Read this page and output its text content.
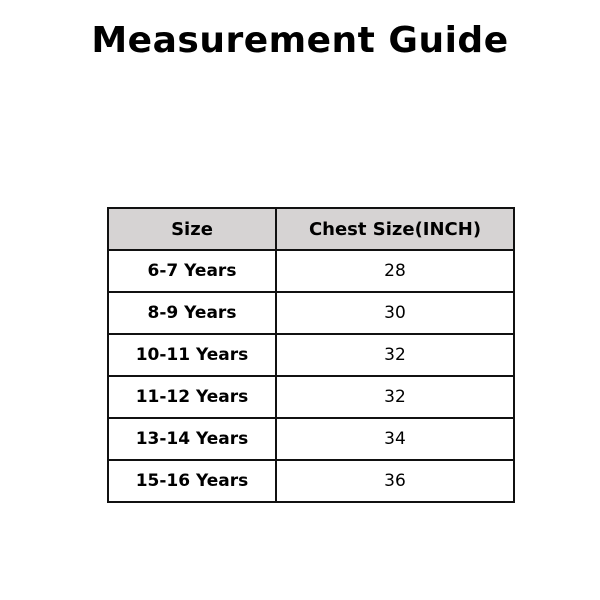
Measurement Guide
Size	Chest Size(INCH)
6-7 Years	28
8-9 Years	30
10-11 Years	32
11-12 Years	32
13-14 Years	34
15-16 Years	36
